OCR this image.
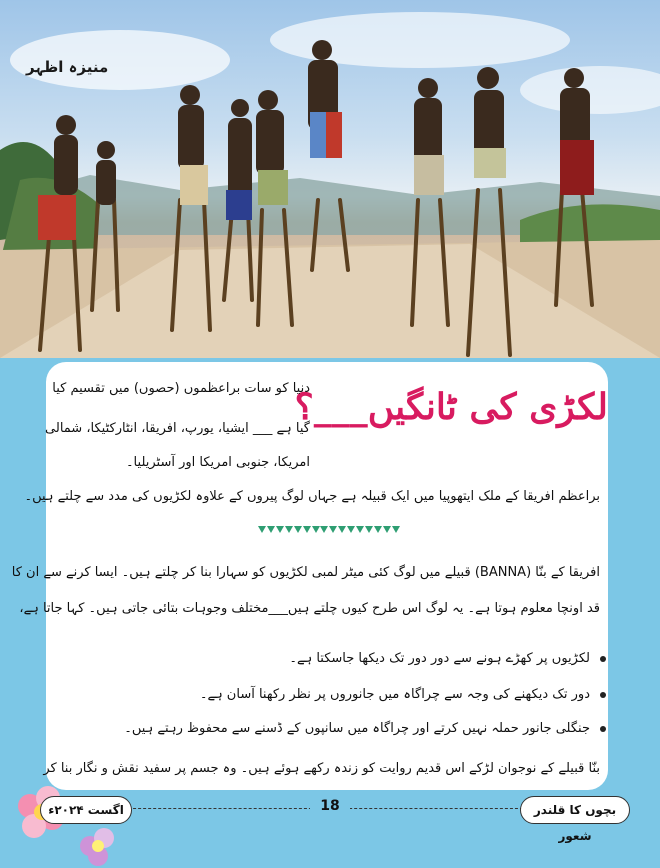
منیزہ اظہر
لکڑی کی ٹانگیں___؟
دنیا کو سات براعظموں (حصوں) میں تقسیم کیا
گیا ہے ___ ایشیا، یورپ، افریقا، انٹارکٹیکا، شمالی
امریکا، جنوبی امریکا اور آسٹریلیا۔
براعظم افریقا کے ملک ایتھوپیا میں ایک قبیلہ ہے جہاں لوگ پیروں کے علاوہ لکڑیوں کی مدد سے چلتے ہیں۔
افریقا کے بنّا (BANNA) قبیلے میں لوگ کئی میٹر لمبی لکڑیوں کو سہارا بنا کر چلتے ہیں۔ ایسا کرنے سے ان کا
قد اونچا معلوم ہوتا ہے۔ یہ لوگ اس طرح کیوں چلتے ہیں___مختلف وجوہات بتائی جاتی ہیں۔ کہا جاتا ہے،
لکڑیوں پر کھڑے ہونے سے دور دور تک دیکھا جاسکتا ہے۔
دور تک دیکھنے کی وجہ سے چراگاہ میں جانوروں پر نظر رکھنا آسان ہے۔
جنگلی جانور حملہ نہیں کرتے اور چراگاہ میں سانپوں کے ڈسنے سے محفوظ رہتے ہیں۔
بنّا قبیلے کے نوجوان لڑکے اس قدیم روایت کو زندہ رکھے ہوئے ہیں۔ وہ جسم پر سفید نقش و نگار بنا کر
18
اگست ۲۰۲۴ء	بچوں کا قلندر شعور
